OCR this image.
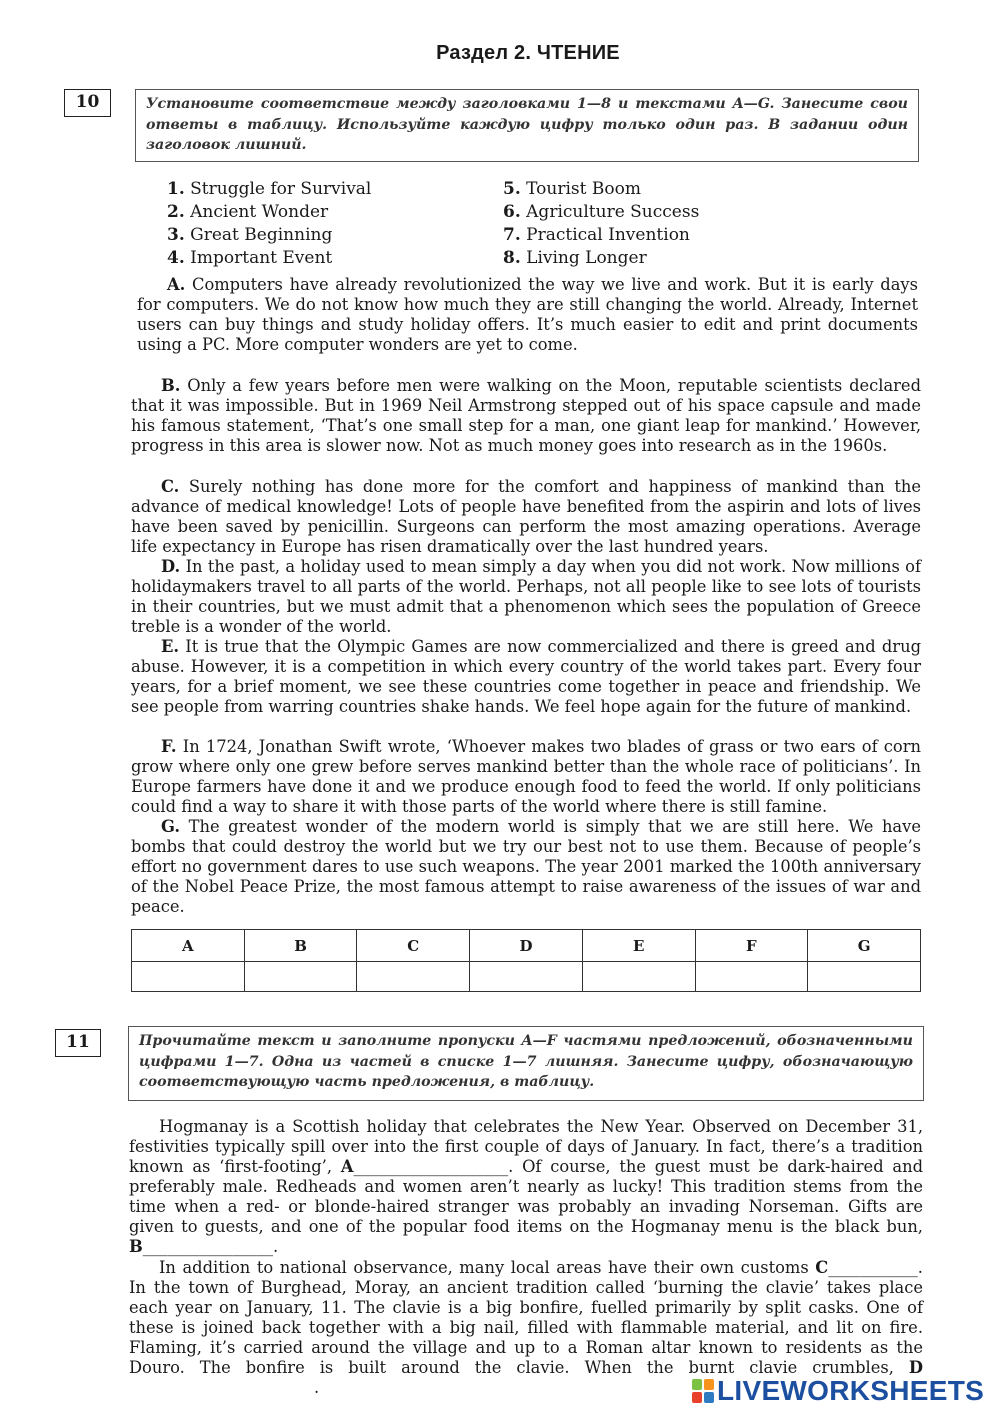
Раздел 2. ЧТЕНИЕ
10	Установите соответствие между заголовками 1—8 и текстами A—G. Занесите свои ответы в таблицу. Используйте каждую цифру только один раз. В задании один заголовок лишний.
1. Struggle for Survival
2. Ancient Wonder
3. Great Beginning
4. Important Event
5. Tourist Boom
6. Agriculture Success
7. Practical Invention
8. Living Longer
A. Computers have already revolutionized the way we live and work. But it is early days for computers. We do not know how much they are still changing the world. Already, Internet users can buy things and study holiday offers. It’s much easier to edit and print documents using a PC. More computer wonders are yet to come.
B. Only a few years before men were walking on the Moon, reputable scientists declared that it was impossible. But in 1969 Neil Armstrong stepped out of his space capsule and made his famous statement, ‘That’s one small step for a man, one giant leap for mankind.’ However, progress in this area is slower now. Not as much money goes into research as in the 1960s.
C. Surely nothing has done more for the comfort and happiness of mankind than the advance of medical knowledge! Lots of people have benefited from the aspirin and lots of lives have been saved by penicillin. Surgeons can perform the most amazing operations. Average life expectancy in Europe has risen dramatically over the last hundred years.
D. In the past, a holiday used to mean simply a day when you did not work. Now millions of holidaymakers travel to all parts of the world. Perhaps, not all people like to see lots of tourists in their countries, but we must admit that a phenomenon which sees the population of Greece treble is a wonder of the world.
E. It is true that the Olympic Games are now commercialized and there is greed and drug abuse. However, it is a competition in which every country of the world takes part. Every four years, for a brief moment, we see these countries come together in peace and friendship. We see people from warring countries shake hands. We feel hope again for the future of mankind.
F. In 1724, Jonathan Swift wrote, ‘Whoever makes two blades of grass or two ears of corn grow where only one grew before serves mankind better than the whole race of politicians’. In Europe farmers have done it and we produce enough food to feed the world. If only politicians could find a way to share it with those parts of the world where there is still famine.
G. The greatest wonder of the modern world is simply that we are still here. We have bombs that could destroy the world but we try our best not to use them. Because of people’s effort no government dares to use such weapons. The year 2001 marked the 100th anniversary of the Nobel Peace Prize, the most famous attempt to raise awareness of the issues of war and peace.
A	B	C	D	E	F	G

11	Прочитайте текст и заполните пропуски A—F частями предложений, обозначенными цифрами 1—7. Одна из частей в списке 1—7 лишняя. Занесите цифру, обозначающую соответствующую часть предложения, в таблицу.
Hogmanay is a Scottish holiday that celebrates the New Year. Observed on December 31, festivities typically spill over into the first couple of days of January. In fact, there’s a tradition known as ‘first-footing’, A___________________. Of course, the guest must be dark-haired and preferably male. Redheads and women aren’t nearly as lucky! This tradition stems from the time when a red- or blonde-haired stranger was probably an invading Norseman. Gifts are given to guests, and one of the popular food items on the Hogmanay menu is the black bun, B________________.
In addition to national observance, many local areas have their own customs C___________. In the town of Burghead, Moray, an ancient tradition called ‘burning the clavie’ takes place each year on January, 11. The clavie is a big bonfire, fuelled primarily by split casks. One of these is joined back together with a big nail, filled with flammable material, and lit on fire. Flaming, it’s carried around the village and up to a Roman altar known to residents as the Douro. The bonfire is built around the clavie. When the burnt clavie crumbles, D.	LIVEWORKSHEETS
